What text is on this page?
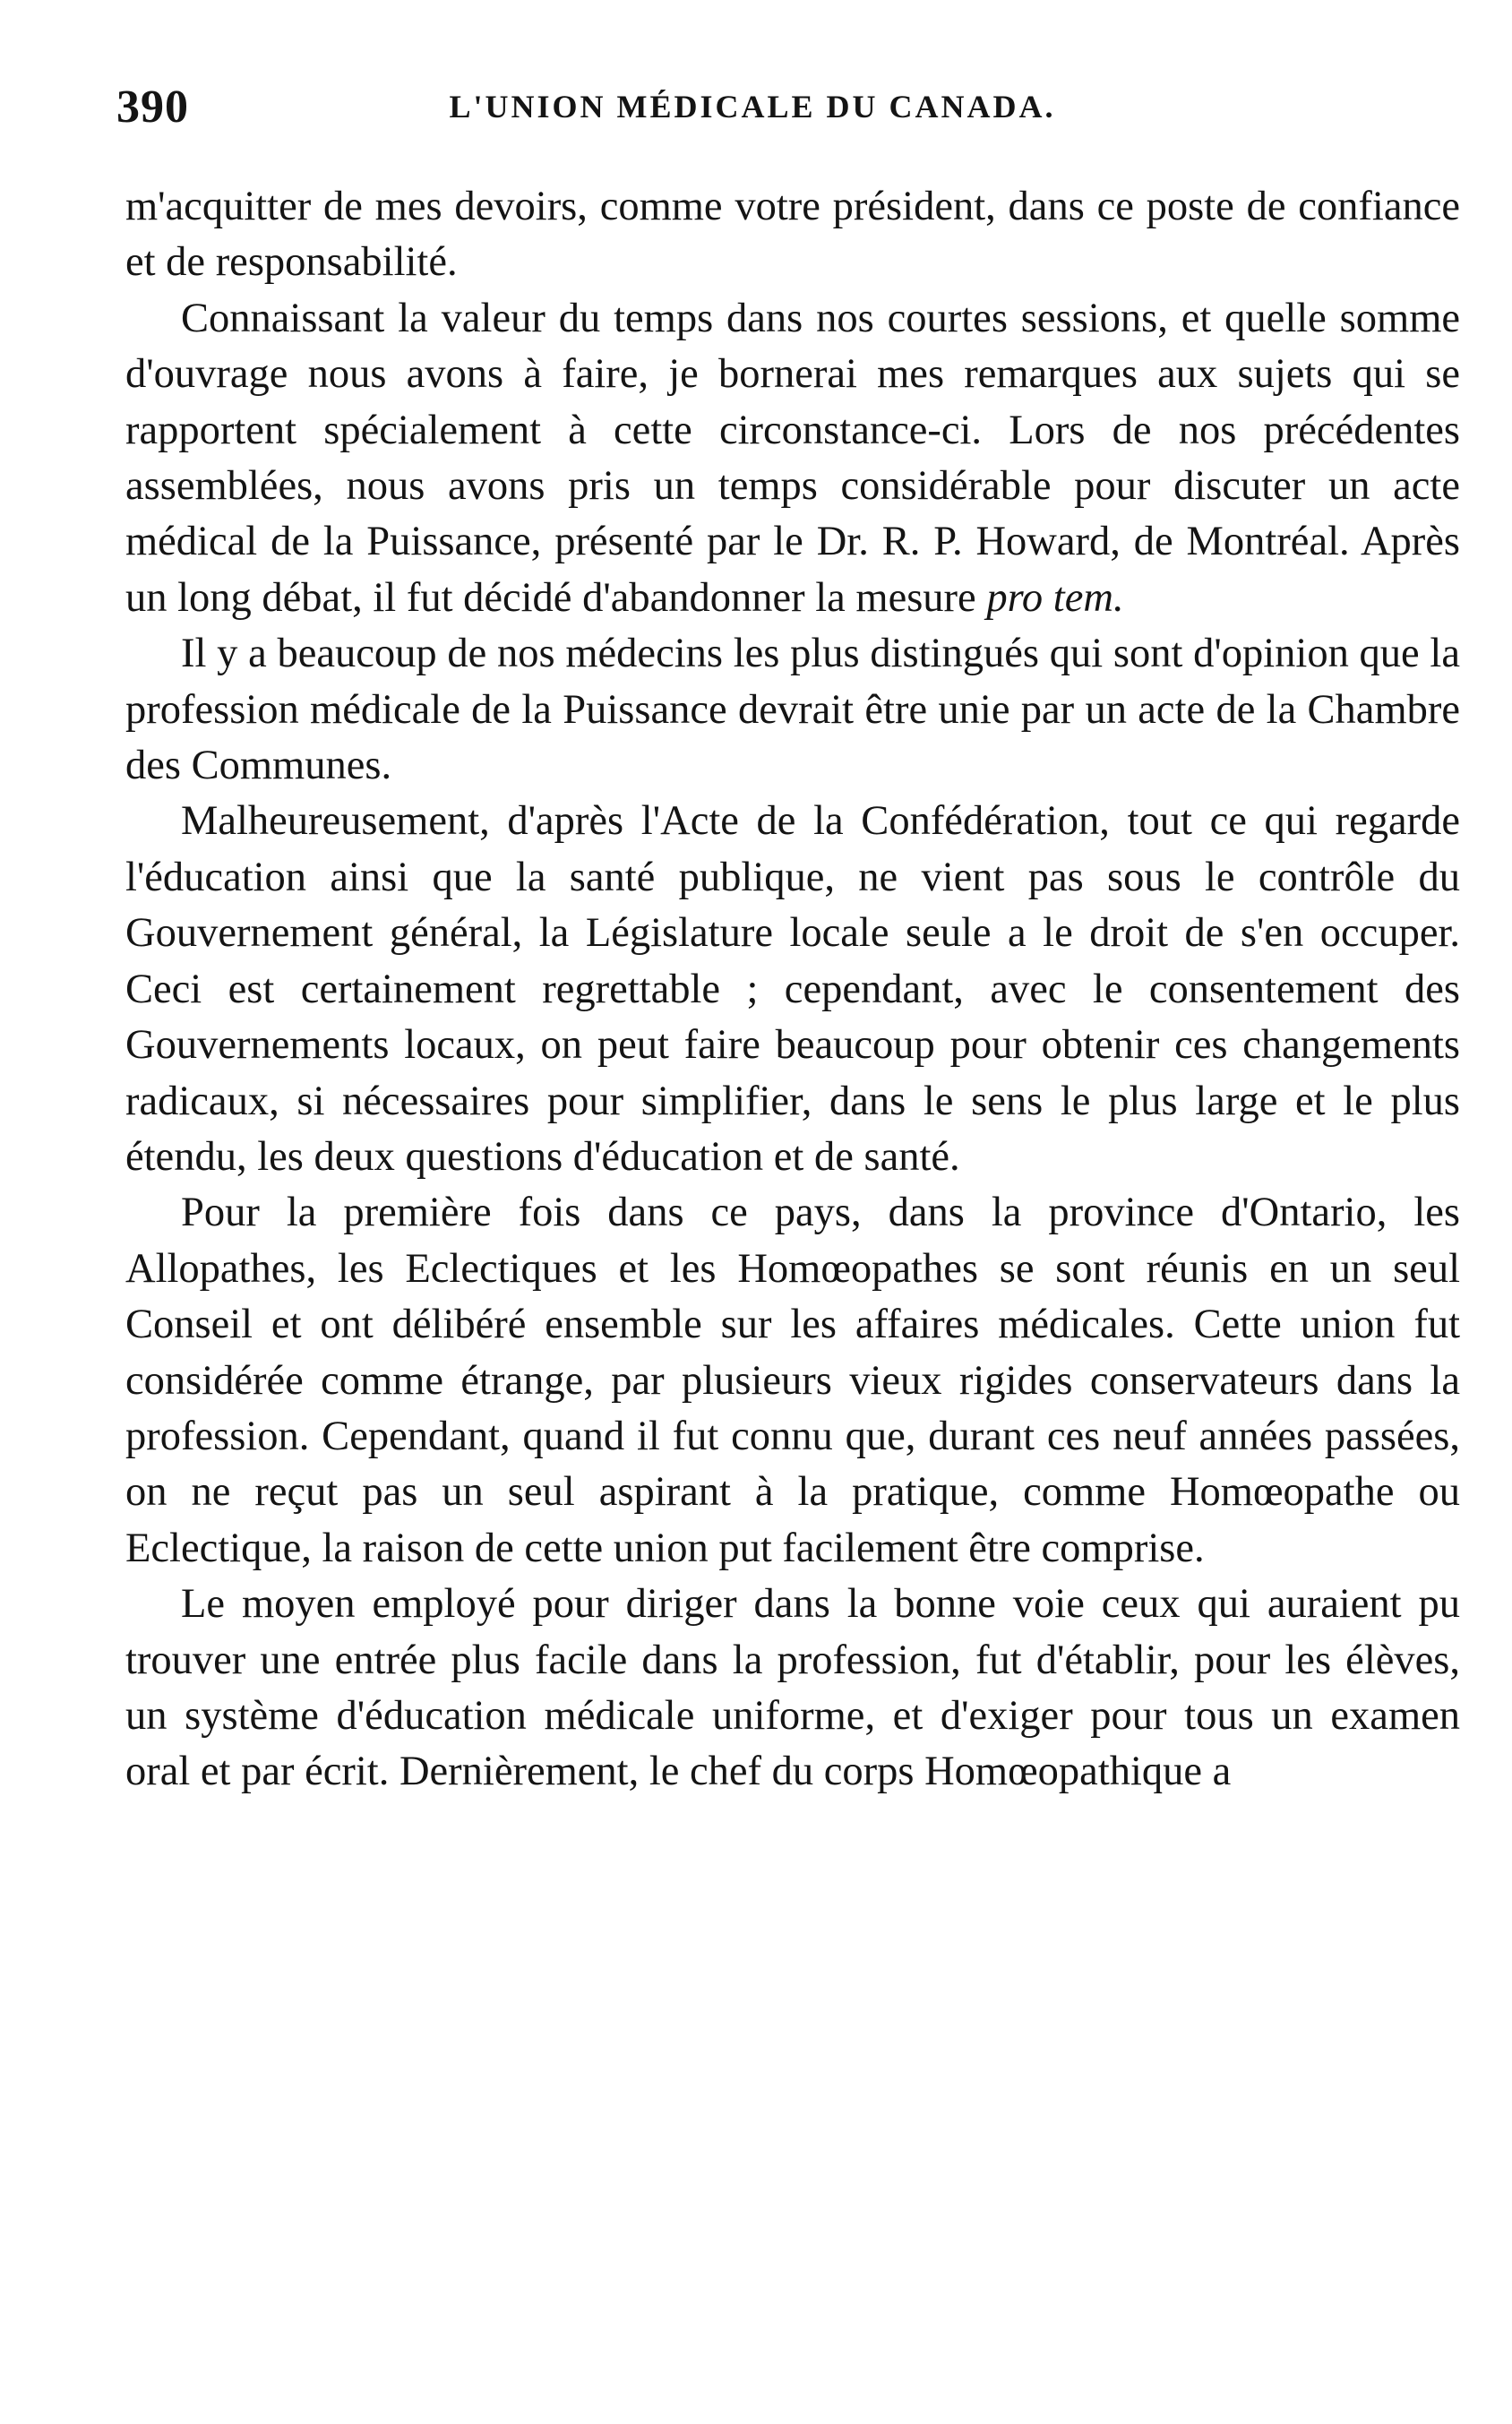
390	L'UNION MÉDICALE DU CANADA.

m'acquitter de mes devoirs, comme votre président, dans ce poste de confiance et de responsabilité.

Connaissant la valeur du temps dans nos courtes sessions, et quelle somme d'ouvrage nous avons à faire, je bornerai mes remarques aux sujets qui se rapportent spécialement à cette circonstance-ci. Lors de nos précédentes assemblées, nous avons pris un temps considérable pour discuter un acte médical de la Puissance, présenté par le Dr. R. P. Howard, de Montréal. Après un long débat, il fut décidé d'abandonner la mesure pro tem.

Il y a beaucoup de nos médecins les plus distingués qui sont d'opinion que la profession médicale de la Puissance devrait être unie par un acte de la Chambre des Communes.

Malheureusement, d'après l'Acte de la Confédération, tout ce qui regarde l'éducation ainsi que la santé publique, ne vient pas sous le contrôle du Gouvernement général, la Législature locale seule a le droit de s'en occuper. Ceci est certainement regrettable ; cependant, avec le consentement des Gouvernements locaux, on peut faire beaucoup pour obtenir ces changements radicaux, si nécessaires pour simplifier, dans le sens le plus large et le plus étendu, les deux questions d'éducation et de santé.

Pour la première fois dans ce pays, dans la province d'Ontario, les Allopathes, les Eclectiques et les Homœopathes se sont réunis en un seul Conseil et ont délibéré ensemble sur les affaires médicales. Cette union fut considérée comme étrange, par plusieurs vieux rigides conservateurs dans la profession. Cependant, quand il fut connu que, durant ces neuf années passées, on ne reçut pas un seul aspirant à la pratique, comme Homœopathe ou Eclectique, la raison de cette union put facilement être comprise.

Le moyen employé pour diriger dans la bonne voie ceux qui auraient pu trouver une entrée plus facile dans la profession, fut d'établir, pour les élèves, un système d'éducation médicale uniforme, et d'exiger pour tous un examen oral et par écrit. Dernièrement, le chef du corps Homœopathique a
